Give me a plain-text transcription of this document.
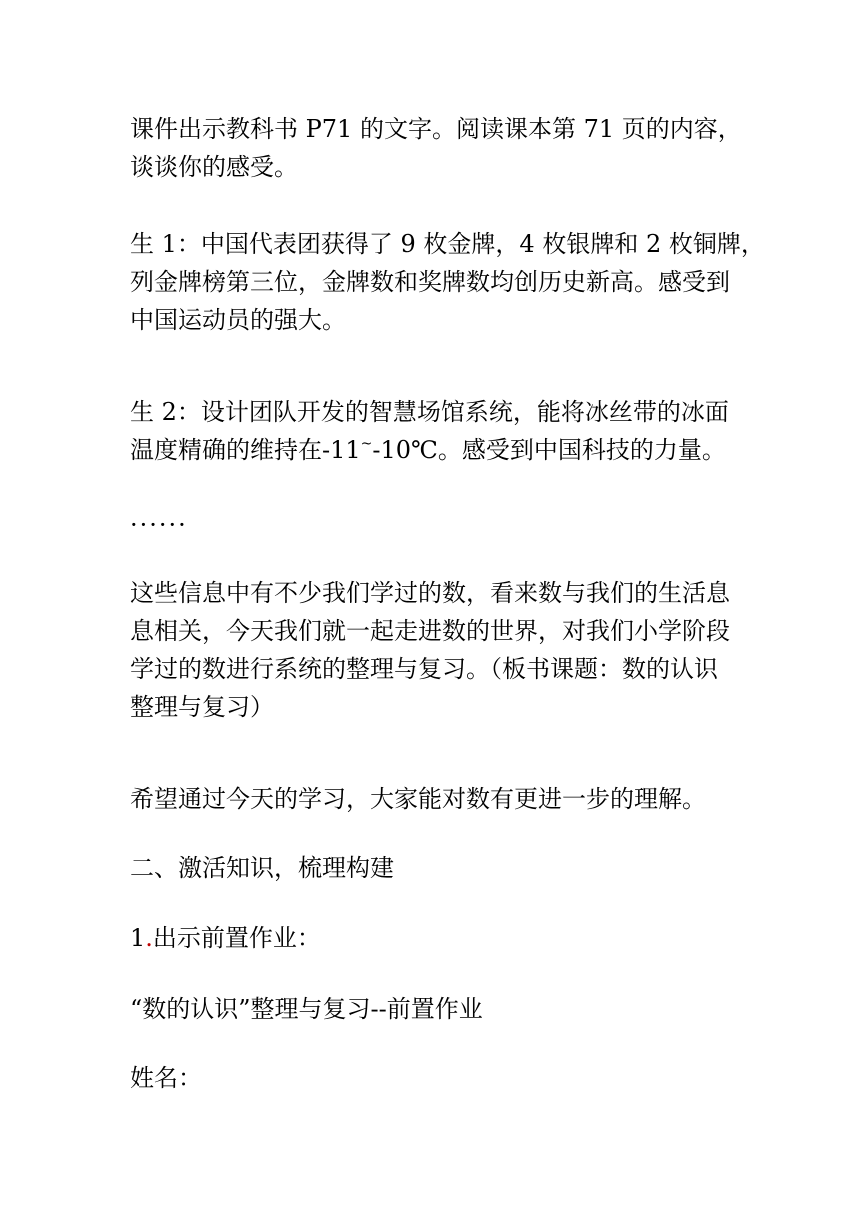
课件出示教科书 P71 的文字。阅读课本第 71 页的内容，
谈谈你的感受。
生 1：中国代表团获得了 9 枚金牌，4 枚银牌和 2 枚铜牌，
列金牌榜第三位，金牌数和奖牌数均创历史新高。感受到
中国运动员的强大。
生 2：设计团队开发的智慧场馆系统，能将冰丝带的冰面
温度精确的维持在-11~-10℃。感受到中国科技的力量。
······
这些信息中有不少我们学过的数，看来数与我们的生活息
息相关，今天我们就一起走进数的世界，对我们小学阶段
学过的数进行系统的整理与复习。（板书课题：数的认识
整理与复习）
希望通过今天的学习，大家能对数有更进一步的理解。
二、激活知识，梳理构建
1.出示前置作业：
“数的认识”整理与复习--前置作业
姓名：
